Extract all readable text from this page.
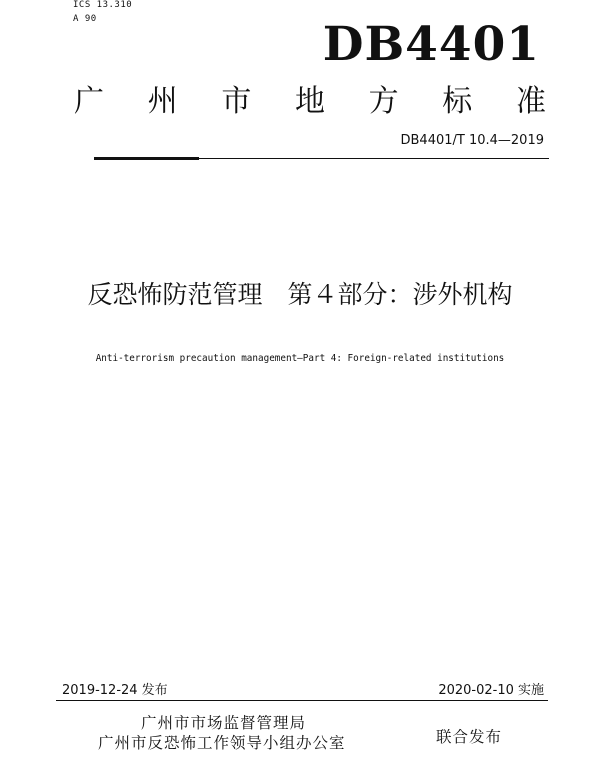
ICS 13.310
A 90	DB4401
广 州 市 地 方 标 准
DB4401/T 10.4—2019
反恐怖防范管理　第４部分：涉外机构
Anti-terrorism precaution management—Part 4: Foreign-related institutions
2019-12-24 发布	2020-02-10 实施
广州市市场监督管理局
广州市反恐怖工作领导小组办公室	联合发布
